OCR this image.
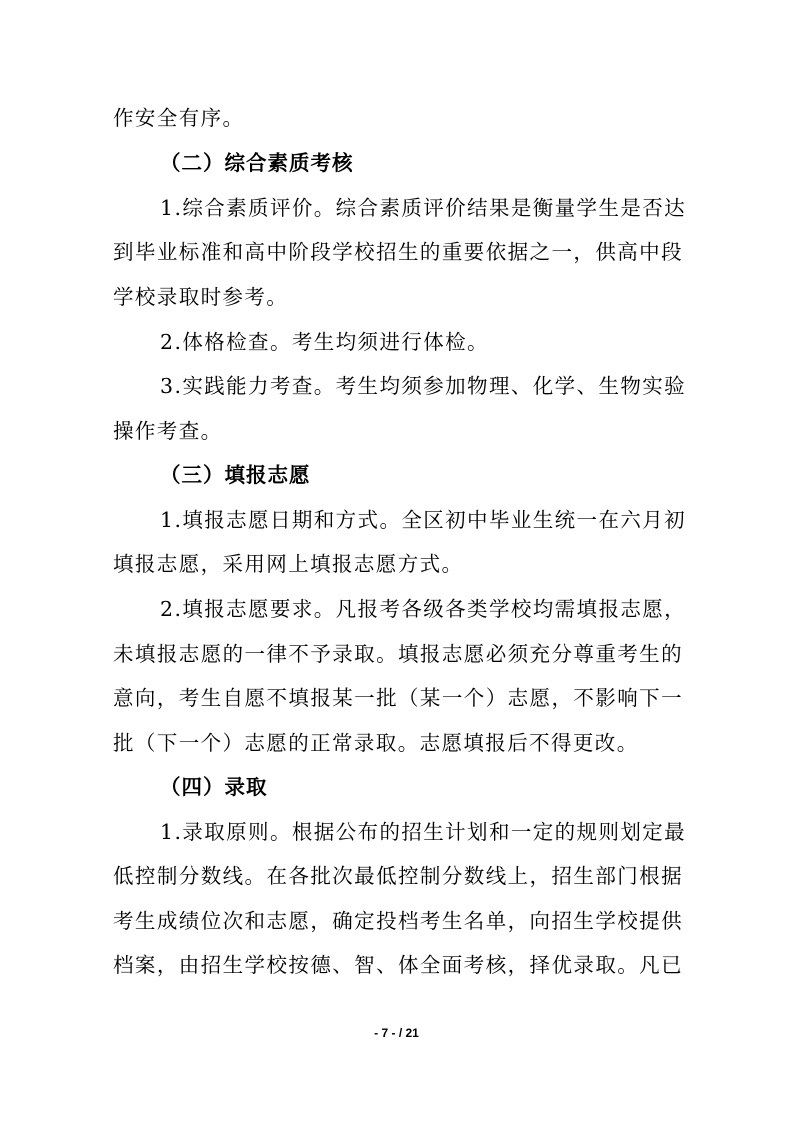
作安全有序。
（二）综合素质考核
1.综合素质评价。综合素质评价结果是衡量学生是否达
到毕业标准和高中阶段学校招生的重要依据之一，供高中段
学校录取时参考。
2.体格检查。考生均须进行体检。
3.实践能力考查。考生均须参加物理、化学、生物实验
操作考查。
（三）填报志愿
1.填报志愿日期和方式。全区初中毕业生统一在六月初
填报志愿，采用网上填报志愿方式。
2.填报志愿要求。凡报考各级各类学校均需填报志愿，
未填报志愿的一律不予录取。填报志愿必须充分尊重考生的
意向，考生自愿不填报某一批（某一个）志愿，不影响下一
批（下一个）志愿的正常录取。志愿填报后不得更改。
（四）录取
1.录取原则。根据公布的招生计划和一定的规则划定最
低控制分数线。在各批次最低控制分数线上，招生部门根据
考生成绩位次和志愿，确定投档考生名单，向招生学校提供
档案，由招生学校按德、智、体全面考核，择优录取。凡已
- 7 - / 21
